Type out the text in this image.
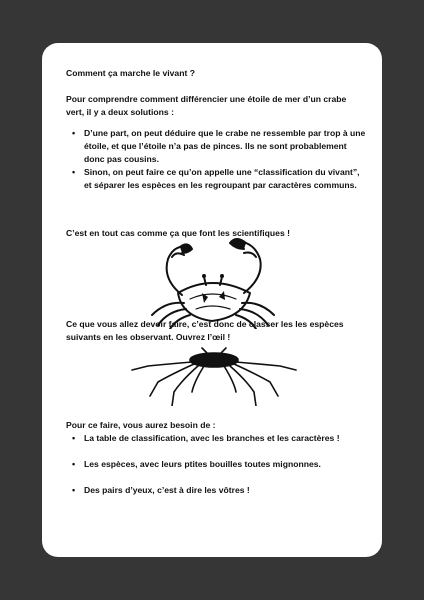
Comment ça marche le vivant ?
Pour comprendre comment différencier une étoile de mer d’un crabe vert, il y a deux solutions :
• D’une part, on peut déduire que le crabe ne ressemble par trop à une étoile, et que l’étoile n’a pas de pinces. Ils ne sont probablement donc pas cousins.
• Sinon, on peut faire ce qu’on appelle une “classification du vivant”, et séparer les espèces en les regroupant par caractères communs.
C’est en tout cas comme ça que font les scientifiques !
Ce que vous allez devoir faire, c’est donc de classer les les espèces suivants en les observant. Ouvrez l’œil !
Pour ce faire, vous aurez besoin de :
• La table de classification, avec les branches et les caractères !
• Les espèces, avec leurs ptites bouilles toutes mignonnes.
• Des pairs d’yeux, c’est à dire les vôtres !
